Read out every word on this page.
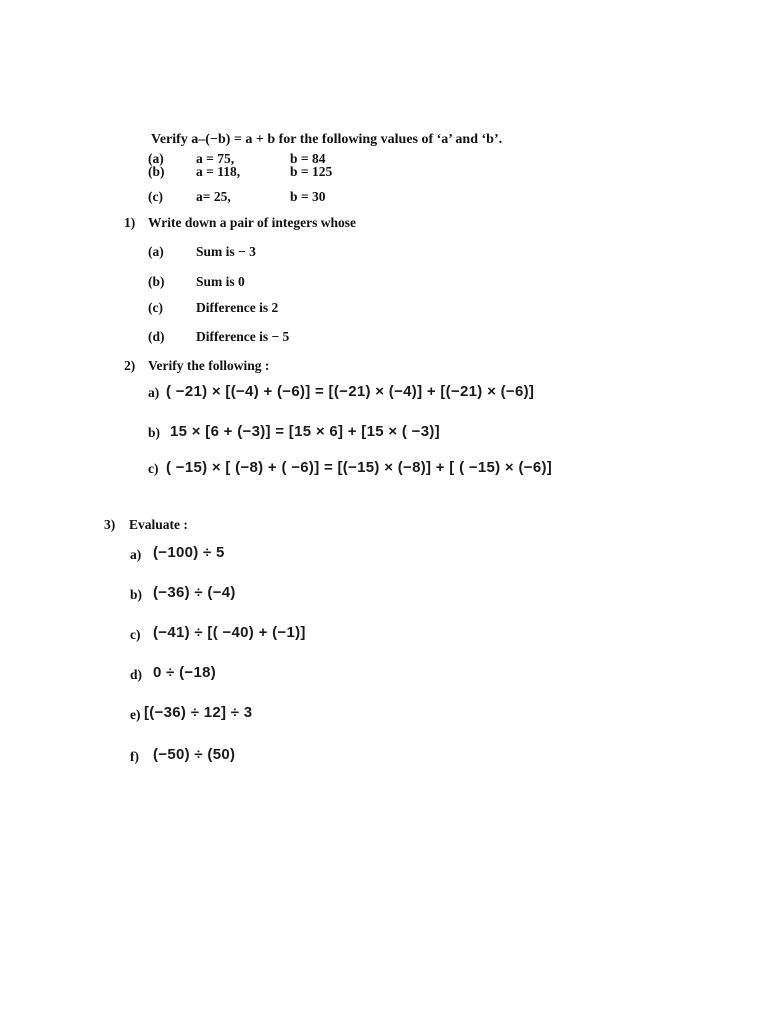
Verify a–(−b) = a + b for the following values of ‘a’ and ‘b’.
(a) a = 75,	b = 84
(b) a = 118,	b = 125
(c) a= 25,	b = 30
1) Write down a pair of integers whose
(a) Sum is − 3
(b) Sum is 0
(c) Difference is 2
(d) Difference is − 5
2) Verify the following :
a) ( −21) × [(−4) + (−6)] = [(−21) × (−4)] + [(−21) × (−6)]
b) 15 × [6 + (−3)] = [15 × 6] + [15 × ( −3)]
c) ( −15) × [ (−8) + ( −6)] = [(−15) × (−8)] + [ ( −15) × (−6)]
3) Evaluate :
a) (−100) ÷ 5
b) (−36) ÷ (−4)
c) (−41) ÷ [( −40) + (−1)]
d) 0 ÷ (−18)
e) [(−36) ÷ 12] ÷ 3
f) (−50) ÷ (50)
